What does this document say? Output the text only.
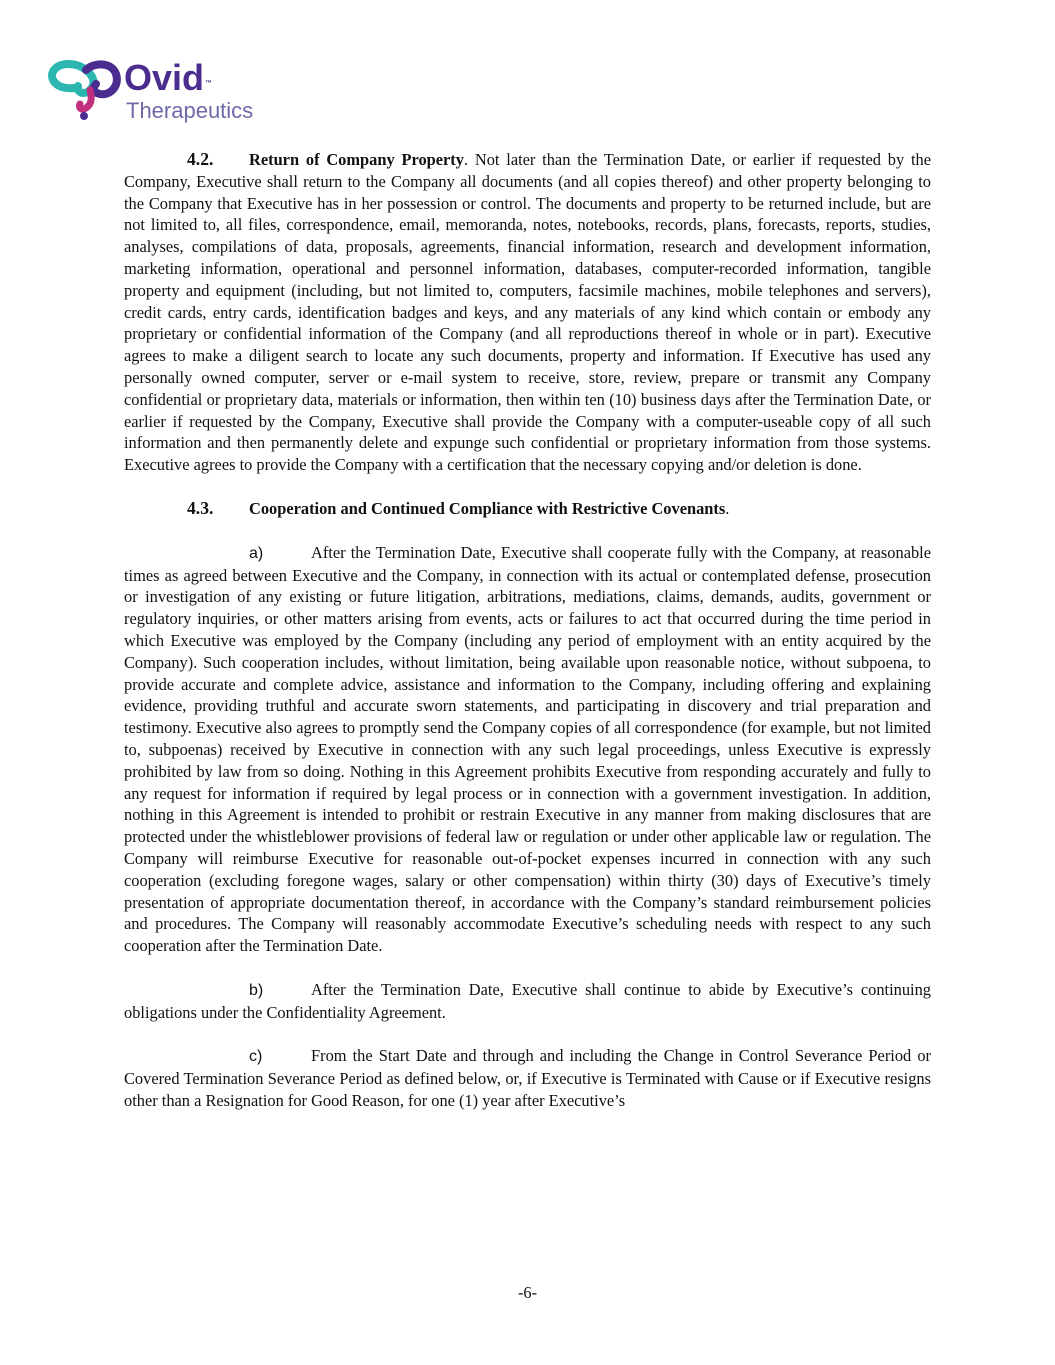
Ovid™
Therapeutics

4.2. Return of Company Property. Not later than the Termination Date, or earlier if requested by the Company, Executive shall return to the Company all documents (and all copies thereof) and other property belonging to the Company that Executive has in her possession or control. The documents and property to be returned include, but are not limited to, all files, correspondence, email, memoranda, notes, notebooks, records, plans, forecasts, reports, studies, analyses, compilations of data, proposals, agreements, financial information, research and development information, marketing information, operational and personnel information, databases, computer-recorded information, tangible property and equipment (including, but not limited to, computers, facsimile machines, mobile telephones and servers), credit cards, entry cards, identification badges and keys, and any materials of any kind which contain or embody any proprietary or confidential information of the Company (and all reproductions thereof in whole or in part). Executive agrees to make a diligent search to locate any such documents, property and information. If Executive has used any personally owned computer, server or e-mail system to receive, store, review, prepare or transmit any Company confidential or proprietary data, materials or information, then within ten (10) business days after the Termination Date, or earlier if requested by the Company, Executive shall provide the Company with a computer-useable copy of all such information and then permanently delete and expunge such confidential or proprietary information from those systems. Executive agrees to provide the Company with a certification that the necessary copying and/or deletion is done.

4.3. Cooperation and Continued Compliance with Restrictive Covenants.

a)	After the Termination Date, Executive shall cooperate fully with the Company, at reasonable times as agreed between Executive and the Company, in connection with its actual or contemplated defense, prosecution or investigation of any existing or future litigation, arbitrations, mediations, claims, demands, audits, government or regulatory inquiries, or other matters arising from events, acts or failures to act that occurred during the time period in which Executive was employed by the Company (including any period of employment with an entity acquired by the Company). Such cooperation includes, without limitation, being available upon reasonable notice, without subpoena, to provide accurate and complete advice, assistance and information to the Company, including offering and explaining evidence, providing truthful and accurate sworn statements, and participating in discovery and trial preparation and testimony. Executive also agrees to promptly send the Company copies of all correspondence (for example, but not limited to, subpoenas) received by Executive in connection with any such legal proceedings, unless Executive is expressly prohibited by law from so doing. Nothing in this Agreement prohibits Executive from responding accurately and fully to any request for information if required by legal process or in connection with a government investigation. In addition, nothing in this Agreement is intended to prohibit or restrain Executive in any manner from making disclosures that are protected under the whistleblower provisions of federal law or regulation or under other applicable law or regulation. The Company will reimburse Executive for reasonable out-of-pocket expenses incurred in connection with any such cooperation (excluding foregone wages, salary or other compensation) within thirty (30) days of Executive’s timely presentation of appropriate documentation thereof, in accordance with the Company’s standard reimbursement policies and procedures. The Company will reasonably accommodate Executive’s scheduling needs with respect to any such cooperation after the Termination Date.

b)	After the Termination Date, Executive shall continue to abide by Executive’s continuing obligations under the Confidentiality Agreement.

c)	From the Start Date and through and including the Change in Control Severance Period or Covered Termination Severance Period as defined below, or, if Executive is Terminated with Cause or if Executive resigns other than a Resignation for Good Reason, for one (1) year after Executive’s

-6-
